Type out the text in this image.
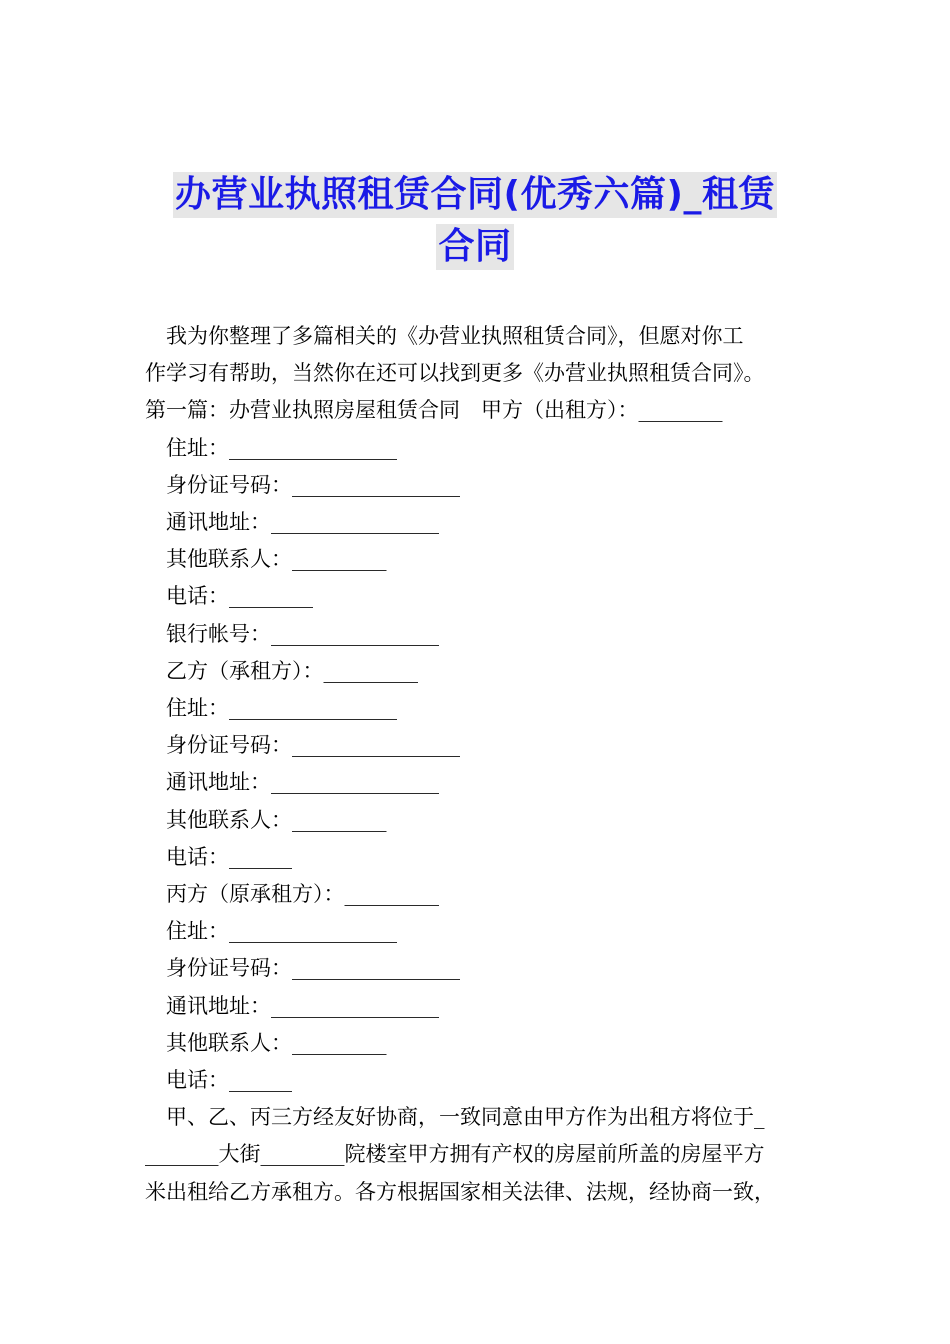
办营业执照租赁合同(优秀六篇)_租赁
合同

我为你整理了多篇相关的《办营业执照租赁合同》，但愿对你工

作学习有帮助，当然你在还可以找到更多《办营业执照租赁合同》。

第一篇：办营业执照房屋租赁合同　甲方（出租方）：________

住址：________________

身份证号码：________________

通讯地址：________________

其他联系人：_________

电话：________

银行帐号：________________

乙方（承租方）：_________

住址：________________

身份证号码：________________

通讯地址：________________

其他联系人：_________

电话：______

丙方（原承租方）：_________

住址：________________

身份证号码：________________

通讯地址：________________

其他联系人：_________

电话：______

甲、乙、丙三方经友好协商，一致同意由甲方作为出租方将位于_

_______大街________院楼室甲方拥有产权的房屋前所盖的房屋平方

米出租给乙方承租方。各方根据国家相关法律、法规，经协商一致，
